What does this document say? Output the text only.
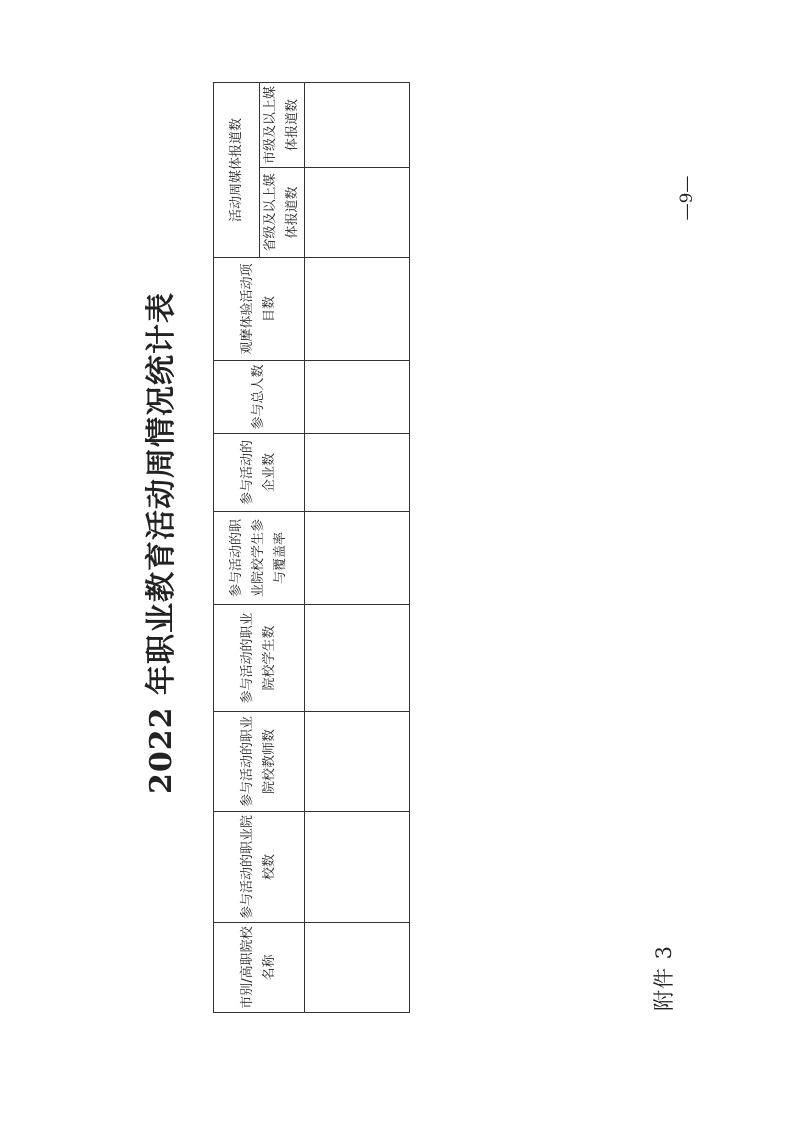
附件 3
2022 年职业教育活动周情况统计表
—9—
市别/高职院校名称	参与活动的职业院校数	参与活动的职业院校教师数	参与活动的职业院校学生数	参与活动的职业院校学生参与覆盖率	参与活动的企业数	参与总人数	观摩体验活动项目数	活动周媒体报道数	
								省级及以上媒体报道数	市级及以上媒体报道数
